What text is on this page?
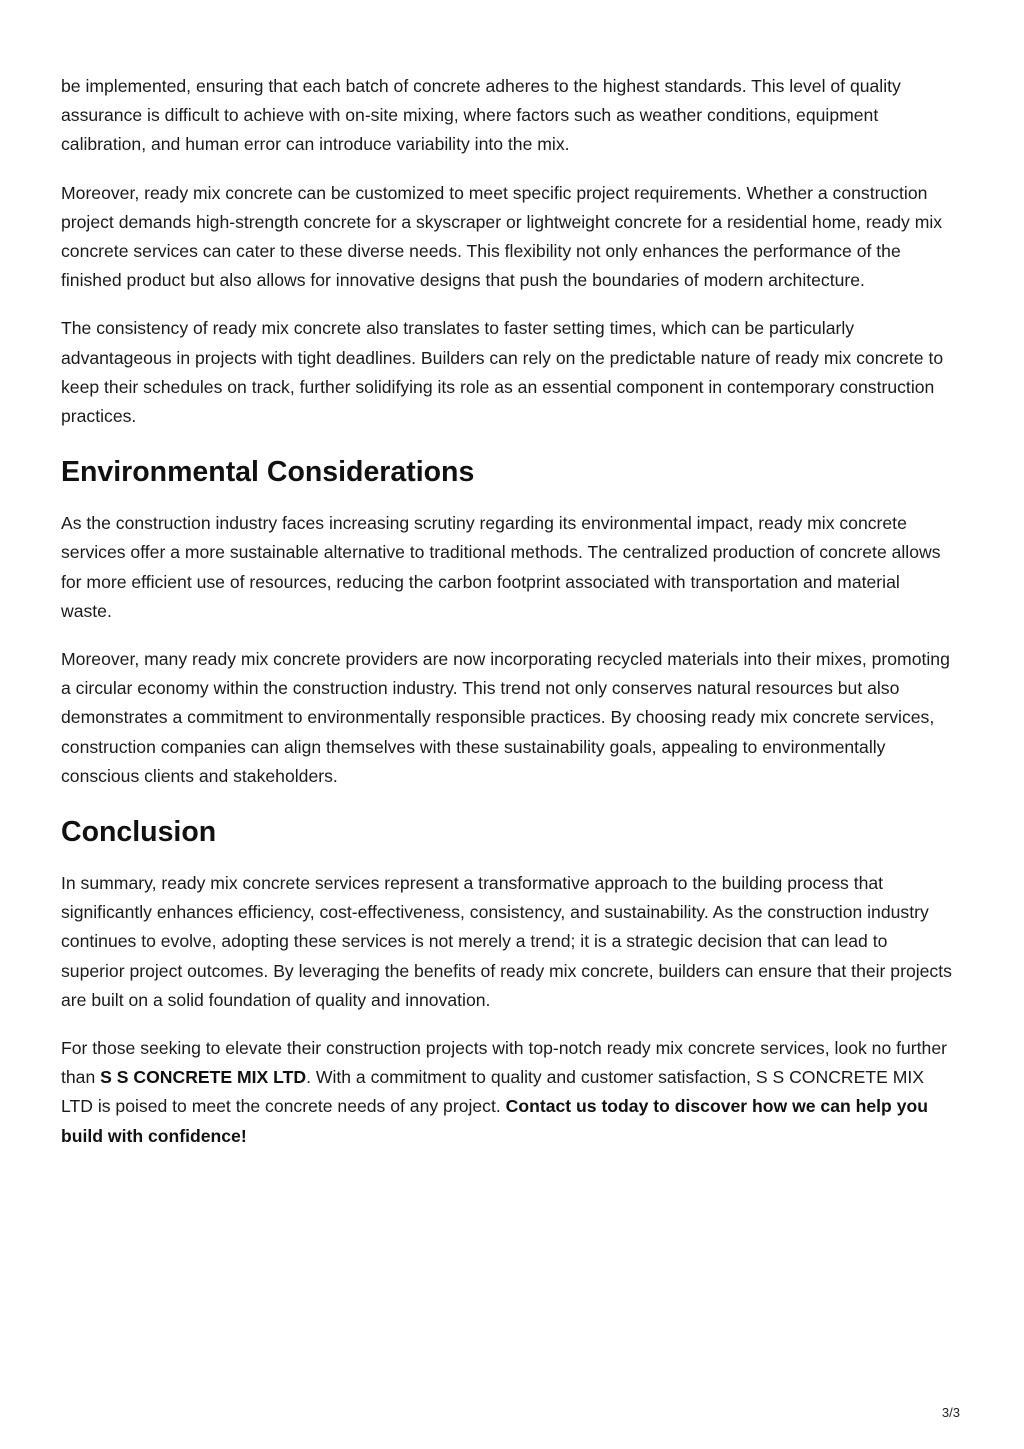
be implemented, ensuring that each batch of concrete adheres to the highest standards. This level of quality assurance is difficult to achieve with on-site mixing, where factors such as weather conditions, equipment calibration, and human error can introduce variability into the mix.

Moreover, ready mix concrete can be customized to meet specific project requirements. Whether a construction project demands high-strength concrete for a skyscraper or lightweight concrete for a residential home, ready mix concrete services can cater to these diverse needs. This flexibility not only enhances the performance of the finished product but also allows for innovative designs that push the boundaries of modern architecture.

The consistency of ready mix concrete also translates to faster setting times, which can be particularly advantageous in projects with tight deadlines. Builders can rely on the predictable nature of ready mix concrete to keep their schedules on track, further solidifying its role as an essential component in contemporary construction practices.

Environmental Considerations

As the construction industry faces increasing scrutiny regarding its environmental impact, ready mix concrete services offer a more sustainable alternative to traditional methods. The centralized production of concrete allows for more efficient use of resources, reducing the carbon footprint associated with transportation and material waste.

Moreover, many ready mix concrete providers are now incorporating recycled materials into their mixes, promoting a circular economy within the construction industry. This trend not only conserves natural resources but also demonstrates a commitment to environmentally responsible practices. By choosing ready mix concrete services, construction companies can align themselves with these sustainability goals, appealing to environmentally conscious clients and stakeholders.

Conclusion

In summary, ready mix concrete services represent a transformative approach to the building process that significantly enhances efficiency, cost-effectiveness, consistency, and sustainability. As the construction industry continues to evolve, adopting these services is not merely a trend; it is a strategic decision that can lead to superior project outcomes. By leveraging the benefits of ready mix concrete, builders can ensure that their projects are built on a solid foundation of quality and innovation.

For those seeking to elevate their construction projects with top-notch ready mix concrete services, look no further than S S CONCRETE MIX LTD. With a commitment to quality and customer satisfaction, S S CONCRETE MIX LTD is poised to meet the concrete needs of any project. Contact us today to discover how we can help you build with confidence!

3/3
